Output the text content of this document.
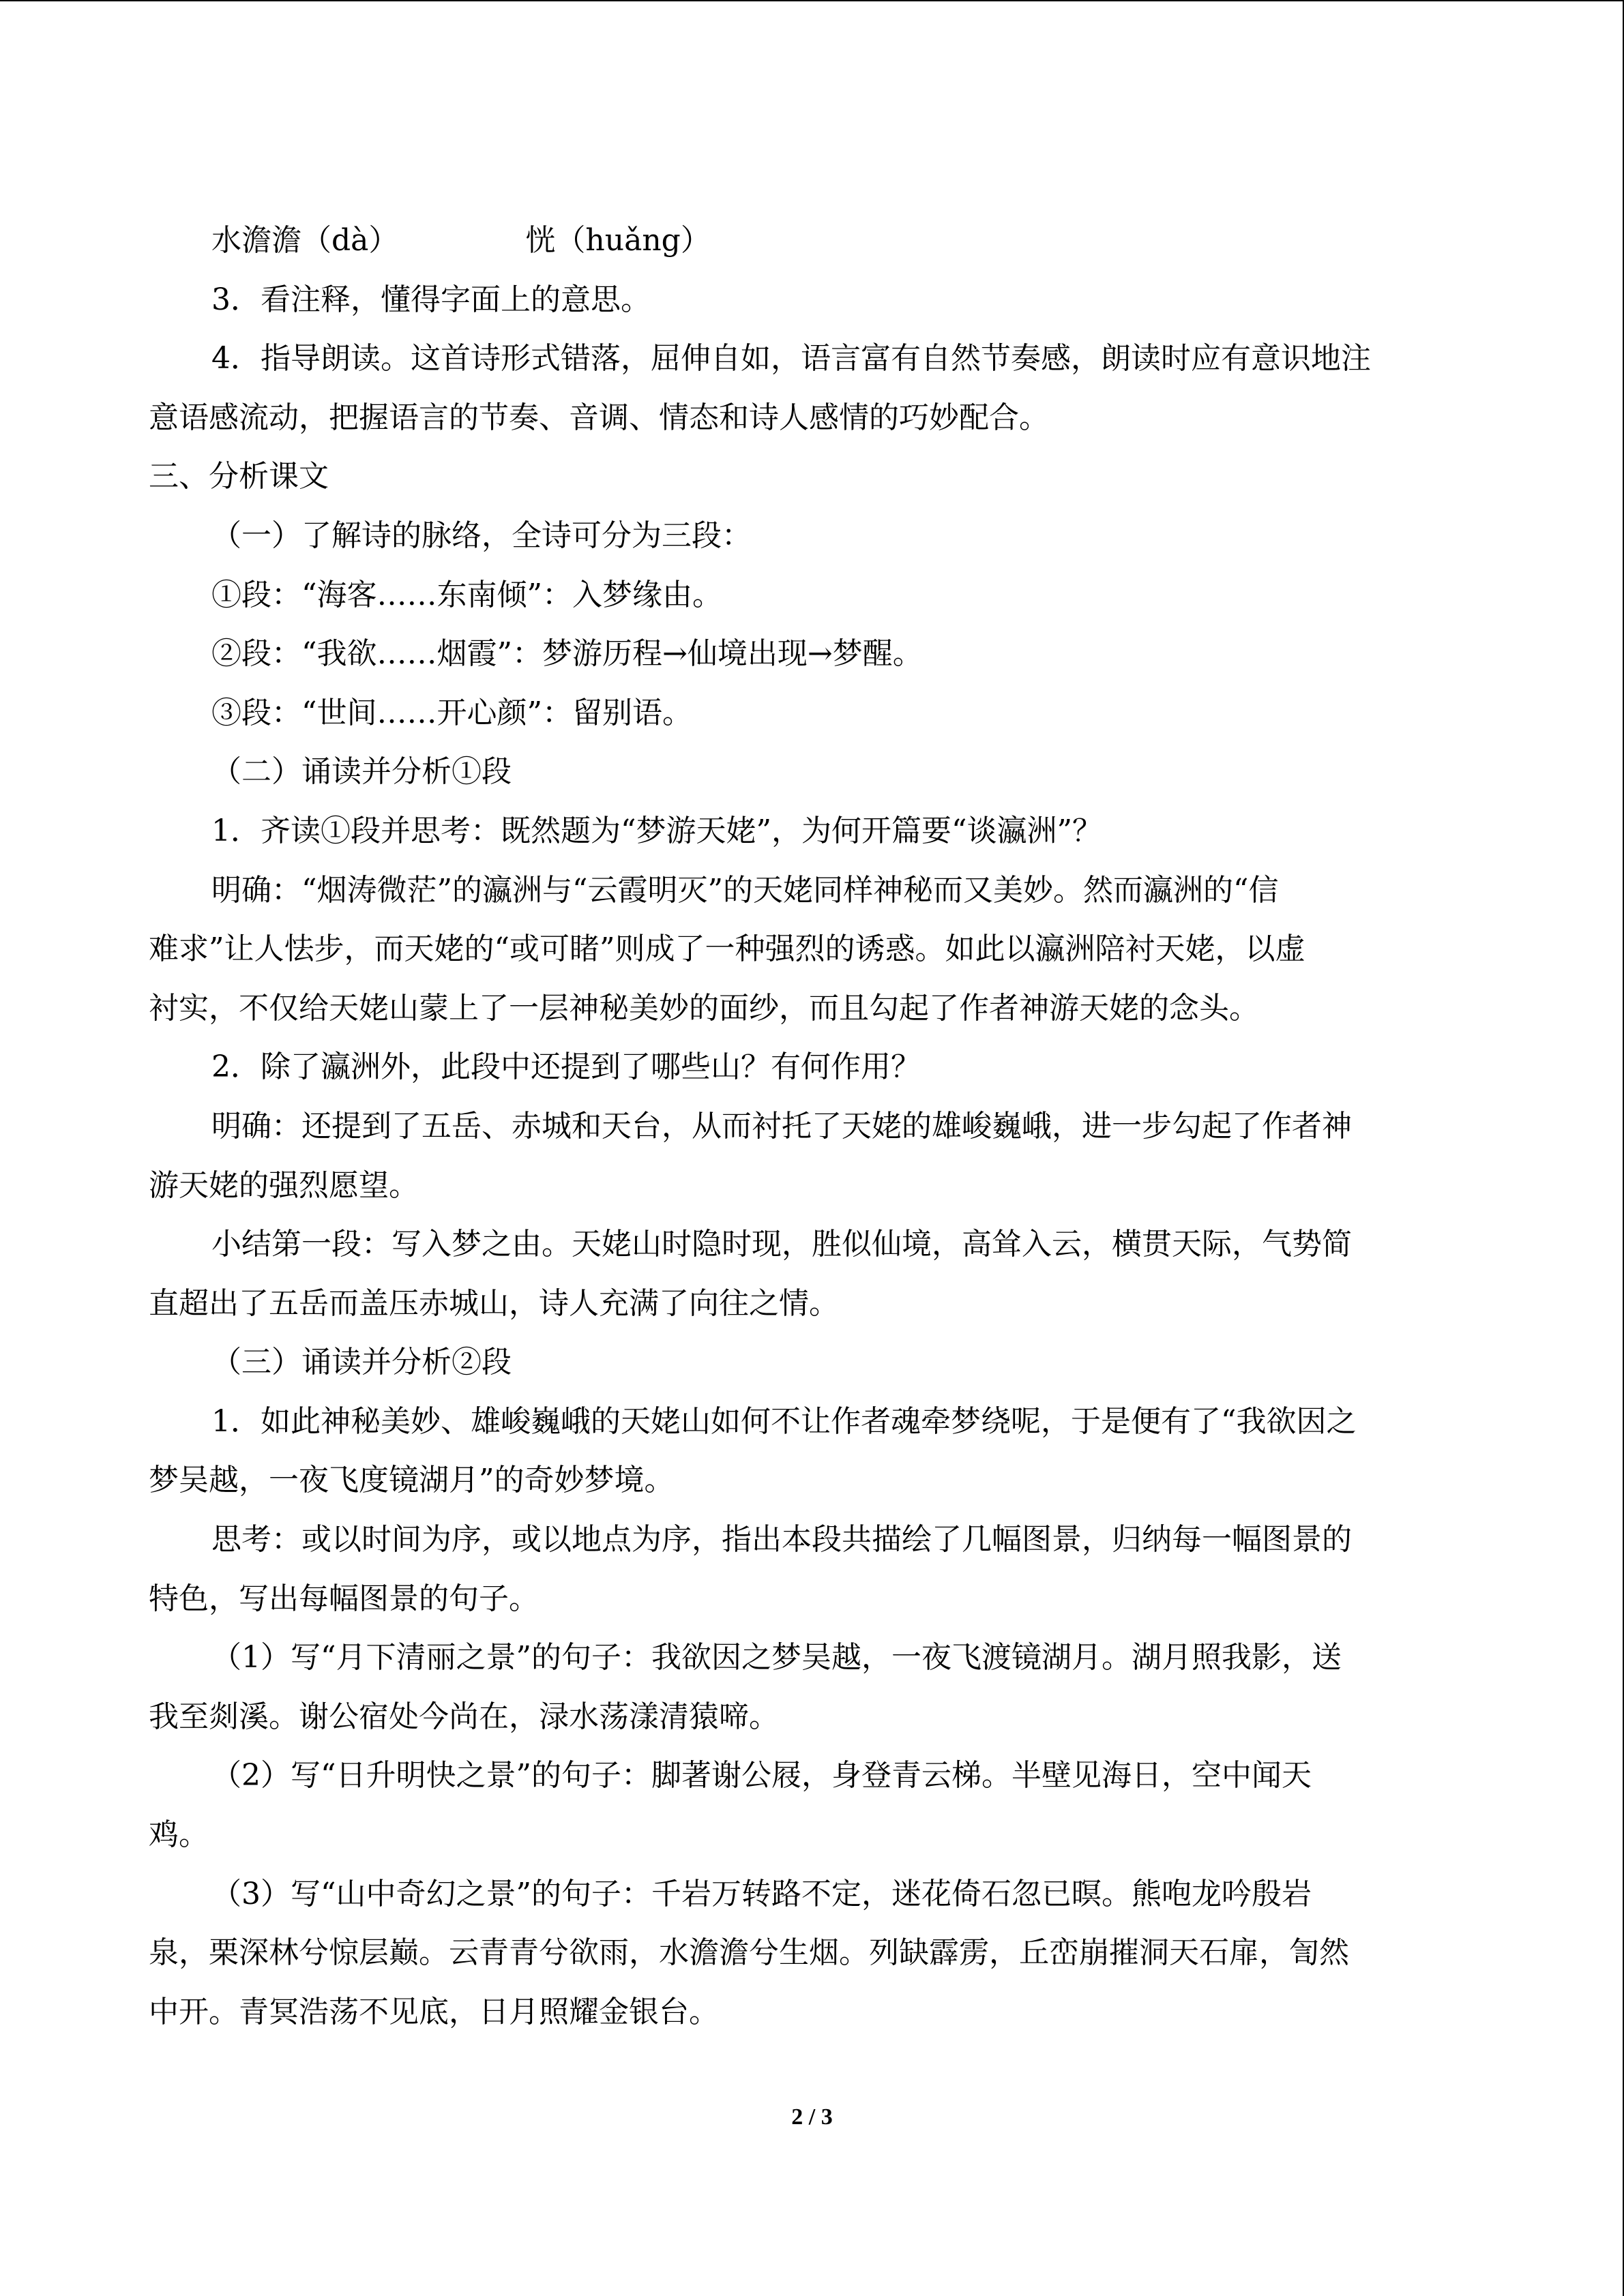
水澹澹（dà）	恍（huǎng）
3．看注释，懂得字面上的意思。
4．指导朗读。这首诗形式错落，屈伸自如，语言富有自然节奏感，朗读时应有意识地注
意语感流动，把握语言的节奏、音调、情态和诗人感情的巧妙配合。
三、分析课文
（一）了解诗的脉络，全诗可分为三段：
①段：“海客……东南倾”：入梦缘由。
②段：“我欲……烟霞”：梦游历程→仙境出现→梦醒。
③段：“世间……开心颜”：留别语。
（二）诵读并分析①段
1．齐读①段并思考：既然题为“梦游天姥”，为何开篇要“谈瀛洲”？
明确：“烟涛微茫”的瀛洲与“云霞明灭”的天姥同样神秘而又美妙。然而瀛洲的“信
难求”让人怯步，而天姥的“或可睹”则成了一种强烈的诱惑。如此以瀛洲陪衬天姥，以虚
衬实，不仅给天姥山蒙上了一层神秘美妙的面纱，而且勾起了作者神游天姥的念头。
2．除了瀛洲外，此段中还提到了哪些山？有何作用？
明确：还提到了五岳、赤城和天台，从而衬托了天姥的雄峻巍峨，进一步勾起了作者神
游天姥的强烈愿望。
小结第一段：写入梦之由。天姥山时隐时现，胜似仙境，高耸入云，横贯天际，气势简
直超出了五岳而盖压赤城山，诗人充满了向往之情。
（三）诵读并分析②段
1．如此神秘美妙、雄峻巍峨的天姥山如何不让作者魂牵梦绕呢，于是便有了“我欲因之
梦吴越，一夜飞度镜湖月”的奇妙梦境。
思考：或以时间为序，或以地点为序，指出本段共描绘了几幅图景，归纳每一幅图景的
特色，写出每幅图景的句子。
（1）写“月下清丽之景”的句子：我欲因之梦吴越，一夜飞渡镜湖月。湖月照我影，送
我至剡溪。谢公宿处今尚在，渌水荡漾清猿啼。
（2）写“日升明快之景”的句子：脚著谢公屐，身登青云梯。半壁见海日，空中闻天
鸡。
（3）写“山中奇幻之景”的句子：千岩万转路不定，迷花倚石忽已暝。熊咆龙吟殷岩
泉，栗深林兮惊层巅。云青青兮欲雨，水澹澹兮生烟。列缺霹雳，丘峦崩摧洞天石扉，訇然
中开。青冥浩荡不见底，日月照耀金银台。
2 / 3
